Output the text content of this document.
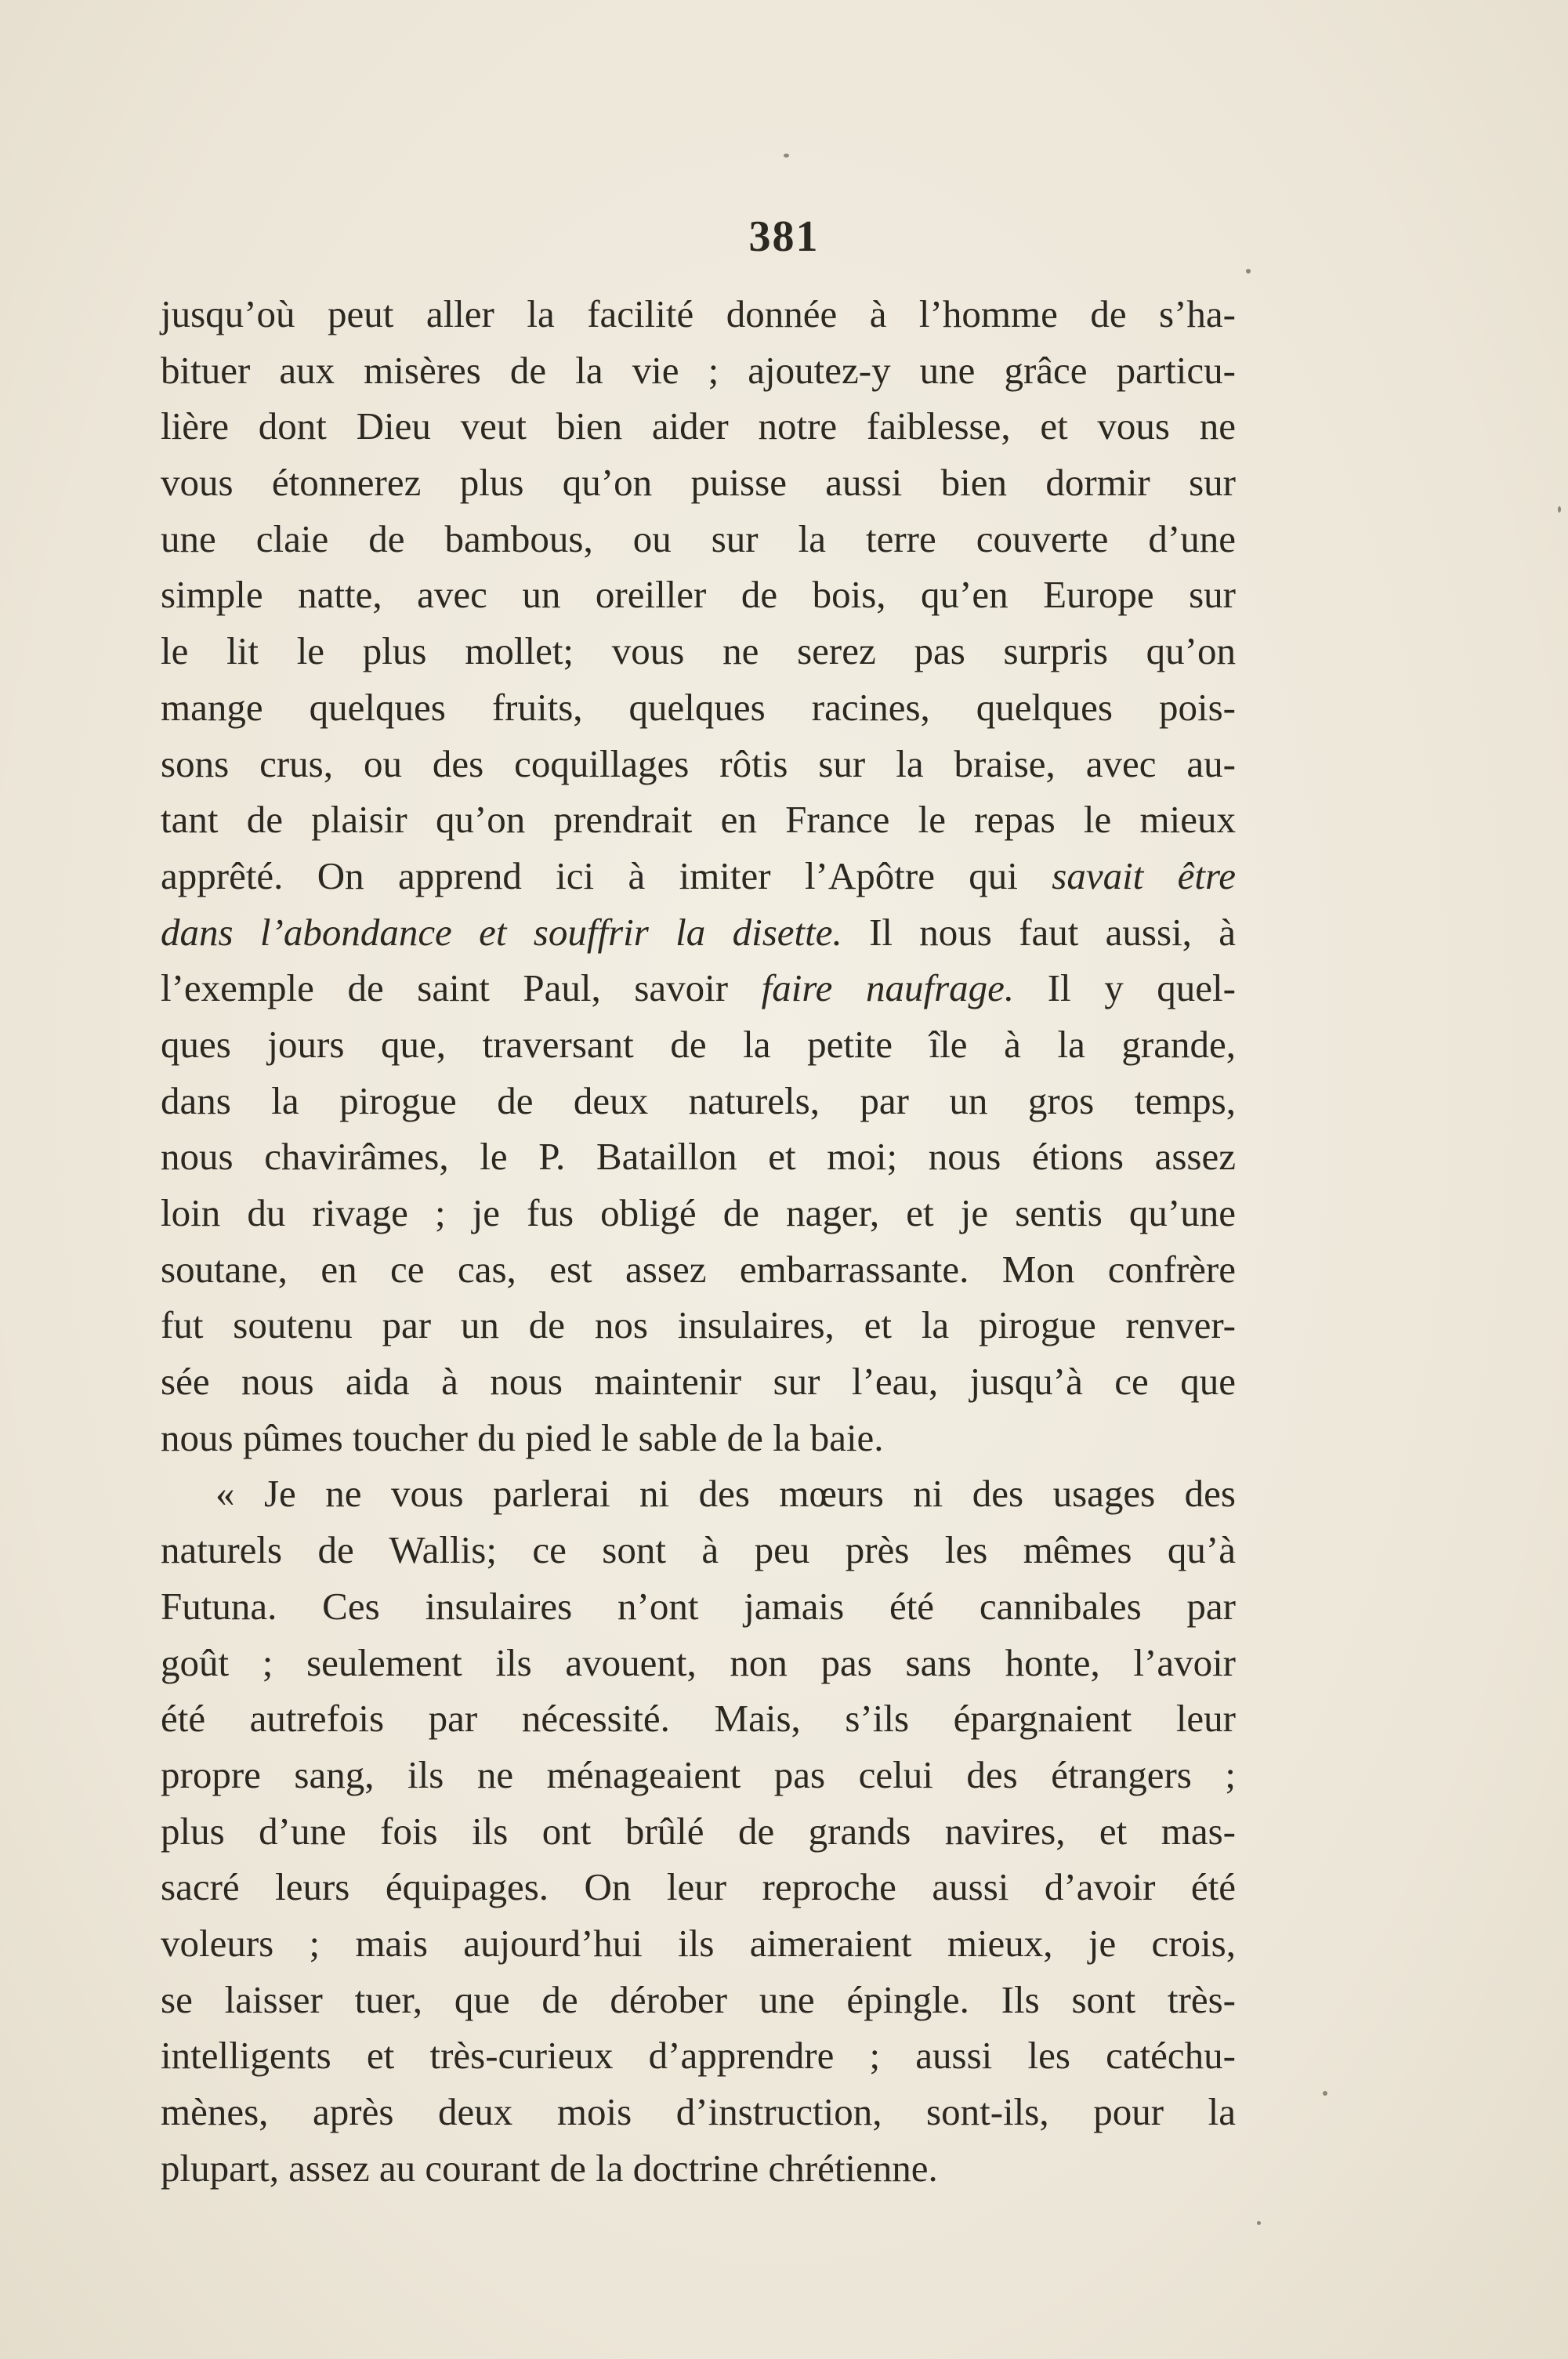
381
jusqu’où peut aller la facilité donnée à l’homme de s’ha-
bituer aux misères de la vie ; ajoutez-y une grâce particu-
lière dont Dieu veut bien aider notre faiblesse, et vous ne
vous étonnerez plus qu’on puisse aussi bien dormir sur
une claie de bambous, ou sur la terre couverte d’une
simple natte, avec un oreiller de bois, qu’en Europe sur
le lit le plus mollet; vous ne serez pas surpris qu’on
mange quelques fruits, quelques racines, quelques pois-
sons crus, ou des coquillages rôtis sur la braise, avec au-
tant de plaisir qu’on prendrait en France le repas le mieux
apprêté. On apprend ici à imiter l’Apôtre qui savait être
dans l’abondance et souffrir la disette. Il nous faut aussi, à
l’exemple de saint Paul, savoir faire naufrage. Il y quel-
ques jours que, traversant de la petite île à la grande,
dans la pirogue de deux naturels, par un gros temps,
nous chavirâmes, le P. Bataillon et moi; nous étions assez
loin du rivage ; je fus obligé de nager, et je sentis qu’une
soutane, en ce cas, est assez embarrassante. Mon confrère
fut soutenu par un de nos insulaires, et la pirogue renver-
sée nous aida à nous maintenir sur l’eau, jusqu’à ce que
nous pûmes toucher du pied le sable de la baie.
« Je ne vous parlerai ni des mœurs ni des usages des
naturels de Wallis; ce sont à peu près les mêmes qu’à
Futuna. Ces insulaires n’ont jamais été cannibales par
goût ; seulement ils avouent, non pas sans honte, l’avoir
été autrefois par nécessité. Mais, s’ils épargnaient leur
propre sang, ils ne ménageaient pas celui des étrangers ;
plus d’une fois ils ont brûlé de grands navires, et mas-
sacré leurs équipages. On leur reproche aussi d’avoir été
voleurs ; mais aujourd’hui ils aimeraient mieux, je crois,
se laisser tuer, que de dérober une épingle. Ils sont très-
intelligents et très-curieux d’apprendre ; aussi les catéchu-
mènes, après deux mois d’instruction, sont-ils, pour la
plupart, assez au courant de la doctrine chrétienne.
